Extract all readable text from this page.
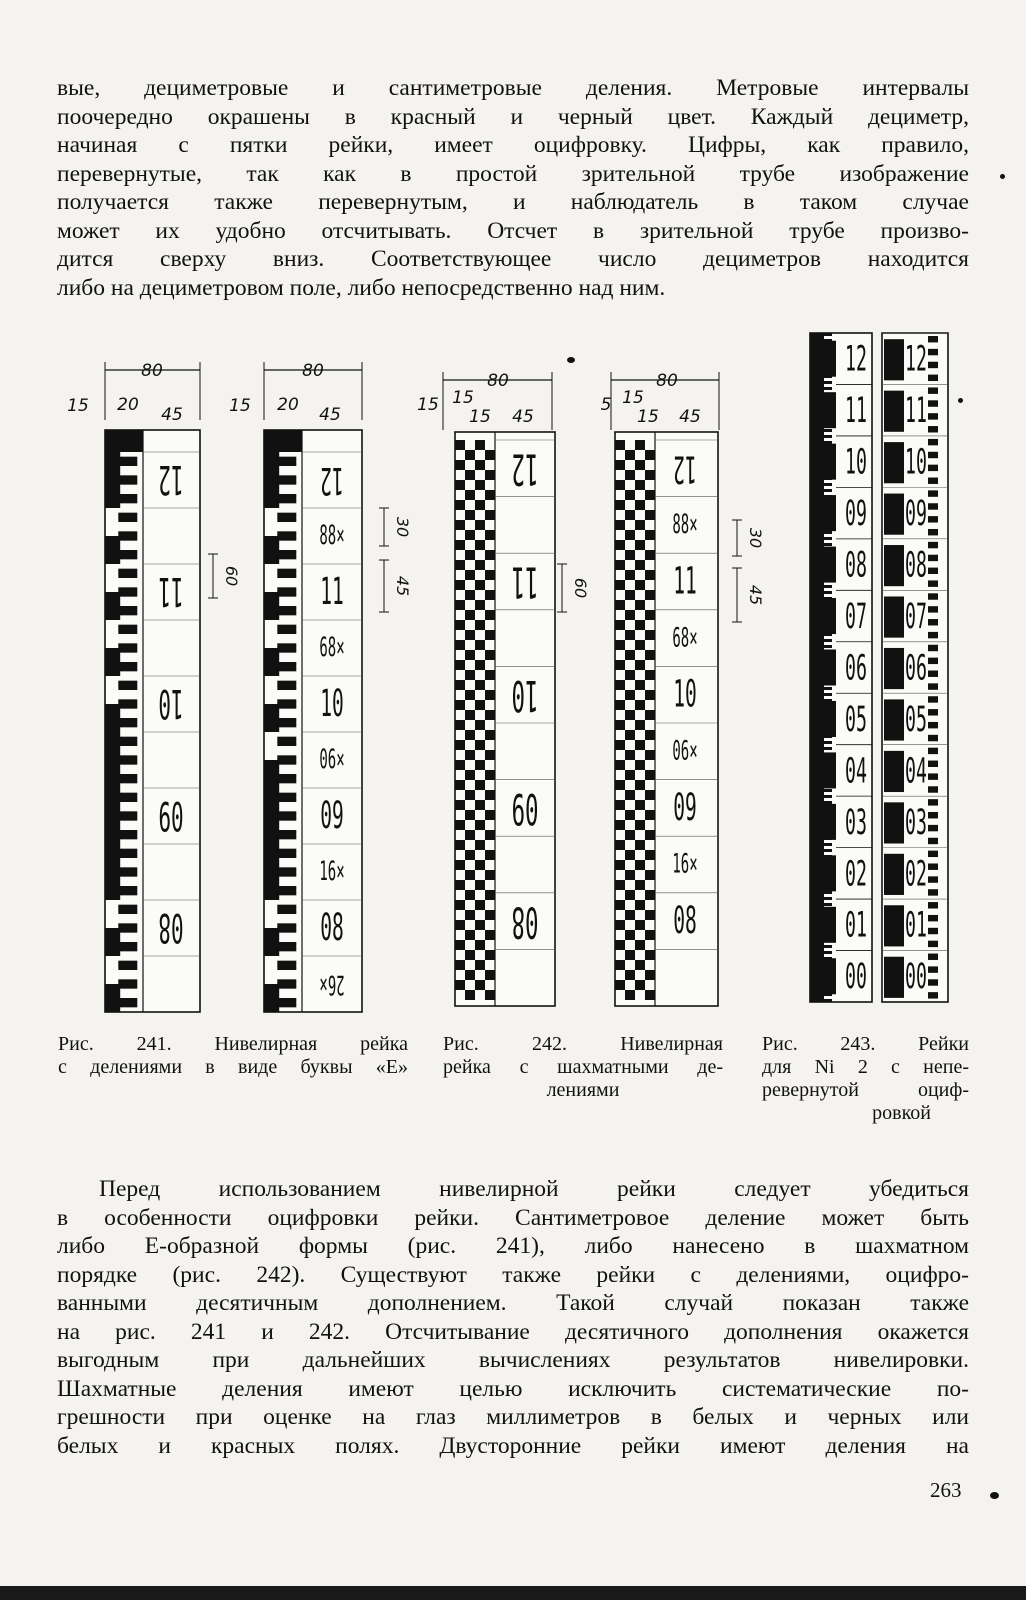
вые, дециметровые и сантиметровые деления. Метровые интервалы
поочередно окрашены в красный и черный цвет. Каждый дециметр,
начиная с пятки рейки, имеет оцифровку. Цифры, как правило,
перевернутые, так как в простой зрительной трубе изображение
получается также перевернутым, и наблюдатель в таком случае
может их удобно отсчитывать. Отсчет в зрительной трубе произво-
дится сверху вниз. Соответствующее число дециметров находится
либо на дециметровом поле, либо непосредственно над ним.
80
15 20 45
12
11
10
09
08
60
80
15 20 45
12
88×
11
68×
10
06×
09
16×
08
26×
30
45
80
15 15
15 45
12
11
10
09
08
60
80
5 15
15 45
12
88×
11
68×
10
06×
09
16×
08
30
45
12
11
10
09
08
07
06
05
04
03
02
01
00
12
11
10
09
08
07
06
05
04
03
02
01
00
Рис. 241. Нивелирная рейка
с делениями в виде буквы «Е»
Рис. 242. Нивелирная
рейка с шахматными де-
лениями
Рис. 243. Рейки
для Ni 2 с непе-
ревернутой оциф-
ровкой
Перед использованием нивелирной рейки следует убедиться
в особенности оцифровки рейки. Сантиметровое деление может быть
либо Е-образной формы (рис. 241), либо нанесено в шахматном
порядке (рис. 242). Существуют также рейки с делениями, оцифро-
ванными десятичным дополнением. Такой случай показан также
на рис. 241 и 242. Отсчитывание десятичного дополнения окажется
выгодным при дальнейших вычислениях результатов нивелировки.
Шахматные деления имеют целью исключить систематические по-
грешности при оценке на глаз миллиметров в белых и черных или
белых и красных полях. Двусторонние рейки имеют деления на
263
